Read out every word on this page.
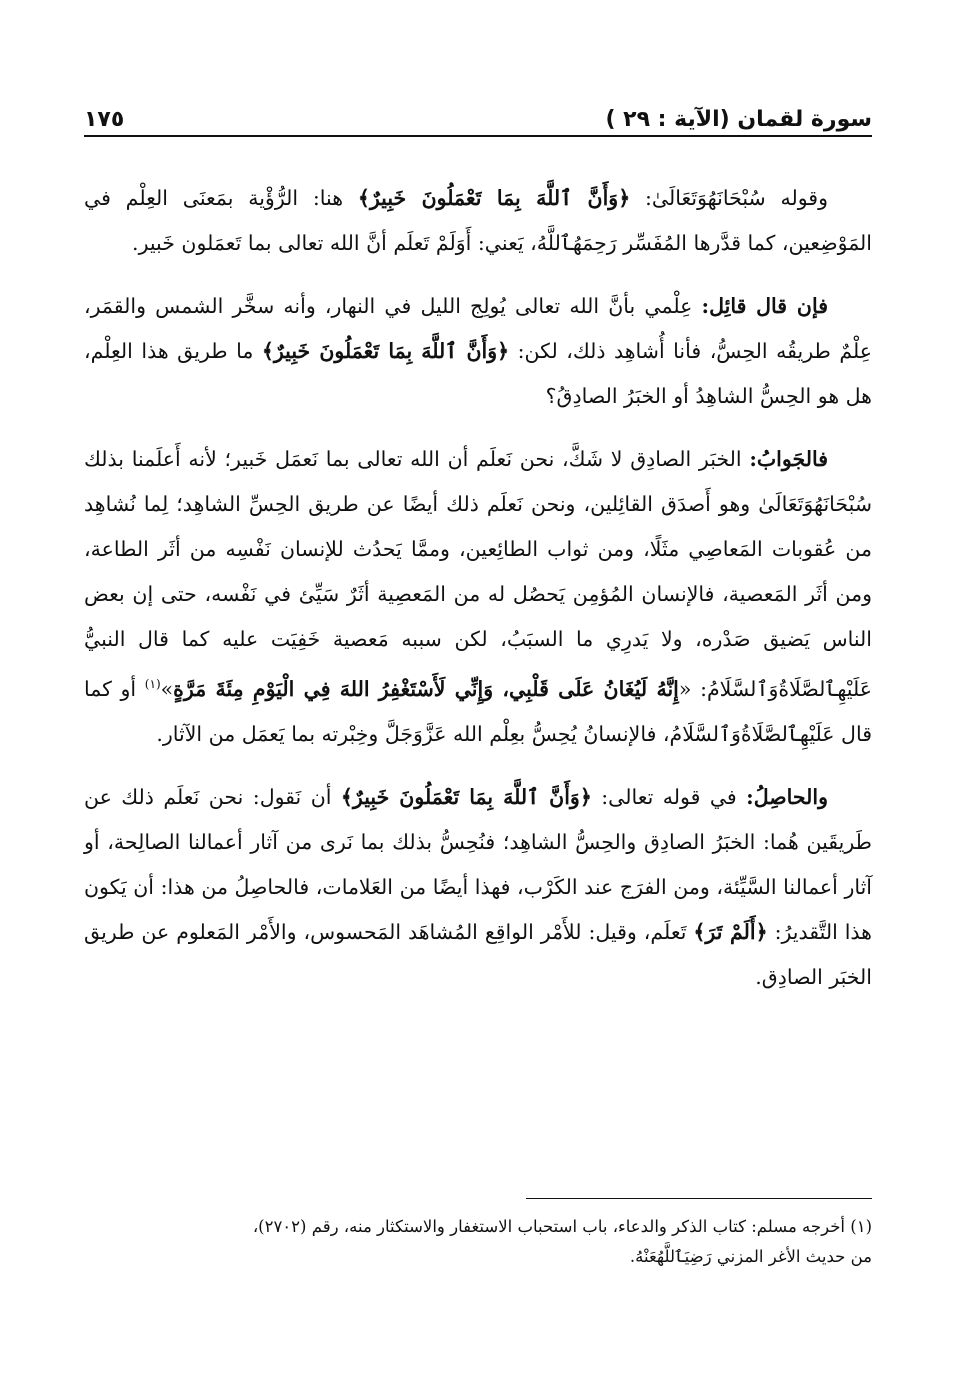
سورة لقمان (الآية : ٢٩ )
١٧٥

وقوله سُبْحَانَهُوَتَعَالَىٰ: ﴿وَأَنَّ ٱللَّهَ بِمَا تَعْمَلُونَ خَبِيرٌ﴾ هنا: الرُّؤْية بمَعنَى العِلْم في المَوْضِعين، كما قدَّرها المُفَسِّر رَحِمَهُٱللَّهُ، يَعني: أَوَلَمْ تَعلَم أنَّ الله تعالى بما تَعمَلون خَبير.

فإن قال قائِل: عِلْمي بأنَّ الله تعالى يُولِج الليل في النهار، وأنه سخَّر الشمس والقمَر، عِلْمٌ طريقُه الحِسُّ، فأنا أُشاهِد ذلك، لكن: ﴿وَأَنَّ ٱللَّهَ بِمَا تَعْمَلُونَ خَبِيرٌ﴾ ما طريق هذا العِلْم، هل هو الحِسُّ الشاهِدُ أو الخبَرُ الصادِقُ؟

فالجَوابُ: الخبَر الصادِق لا شَكَّ، نحن نَعلَم أن الله تعالى بما نَعمَل خَبير؛ لأنه أَعلَمنا بذلك سُبْحَانَهُوَتَعَالَىٰ وهو أَصدَق القائِلين، ونحن نَعلَم ذلك أيضًا عن طريق الحِسِّ الشاهِد؛ لِما نُشاهِد من عُقوبات المَعاصِي مثَلًا، ومن ثواب الطائِعين، وممَّا يَحدُث للإنسان نَفْسِه من أثَر الطاعة، ومن أثَر المَعصية، فالإنسان المُؤمِن يَحصُل له من المَعصِية أثَرٌ سَيِّئ في نَفْسه، حتى إن بعض الناس يَضيق صَدْره، ولا يَدرِي ما السبَبُ، لكن سببه مَعصية خَفِيَت عليه كما قال النبيُّ عَلَيْهِٱلصَّلَاةُوَٱلسَّلَامُ: «إِنَّهُ لَيُغَانُ عَلَى قَلْبِي، وَإِنِّي لَأَسْتَغْفِرُ اللهَ فِي الْيَوْمِ مِئَةَ مَرَّةٍ»$^{(١)}$ أو كما قال عَلَيْهِٱلصَّلَاةُوَٱلسَّلَامُ، فالإنسانُ يُحِسُّ بعِلْم الله عَزَّوَجَلَّ وخِبْرته بما يَعمَل من الآثار.

والحاصِلُ: في قوله تعالى: ﴿وَأَنَّ ٱللَّهَ بِمَا تَعْمَلُونَ خَبِيرٌ﴾ أن نَقول: نحن نَعلَم ذلك عن طَريقَين هُما: الخبَرُ الصادِق والحِسُّ الشاهِد؛ فنُحِسُّ بذلك بما نَرى من آثار أعمالنا الصالِحة، أو آثار أعمالنا السَّيِّئة، ومن الفرَج عند الكَرْب، فهذا أيضًا من العَلامات، فالحاصِلُ من هذا: أن يَكون هذا التَّقديرُ: ﴿أَلَمْ تَرَ﴾ تَعلَم، وقيل: للأَمْر الواقِع المُشاهَد المَحسوس، والأَمْر المَعلوم عن طريق الخبَر الصادِق.

(١) أخرجه مسلم: كتاب الذكر والدعاء، باب استحباب الاستغفار والاستكثار منه، رقم (٢٧٠٢)،
من حديث الأغر المزني رَضِيَٱللَّهُعَنْهُ.
